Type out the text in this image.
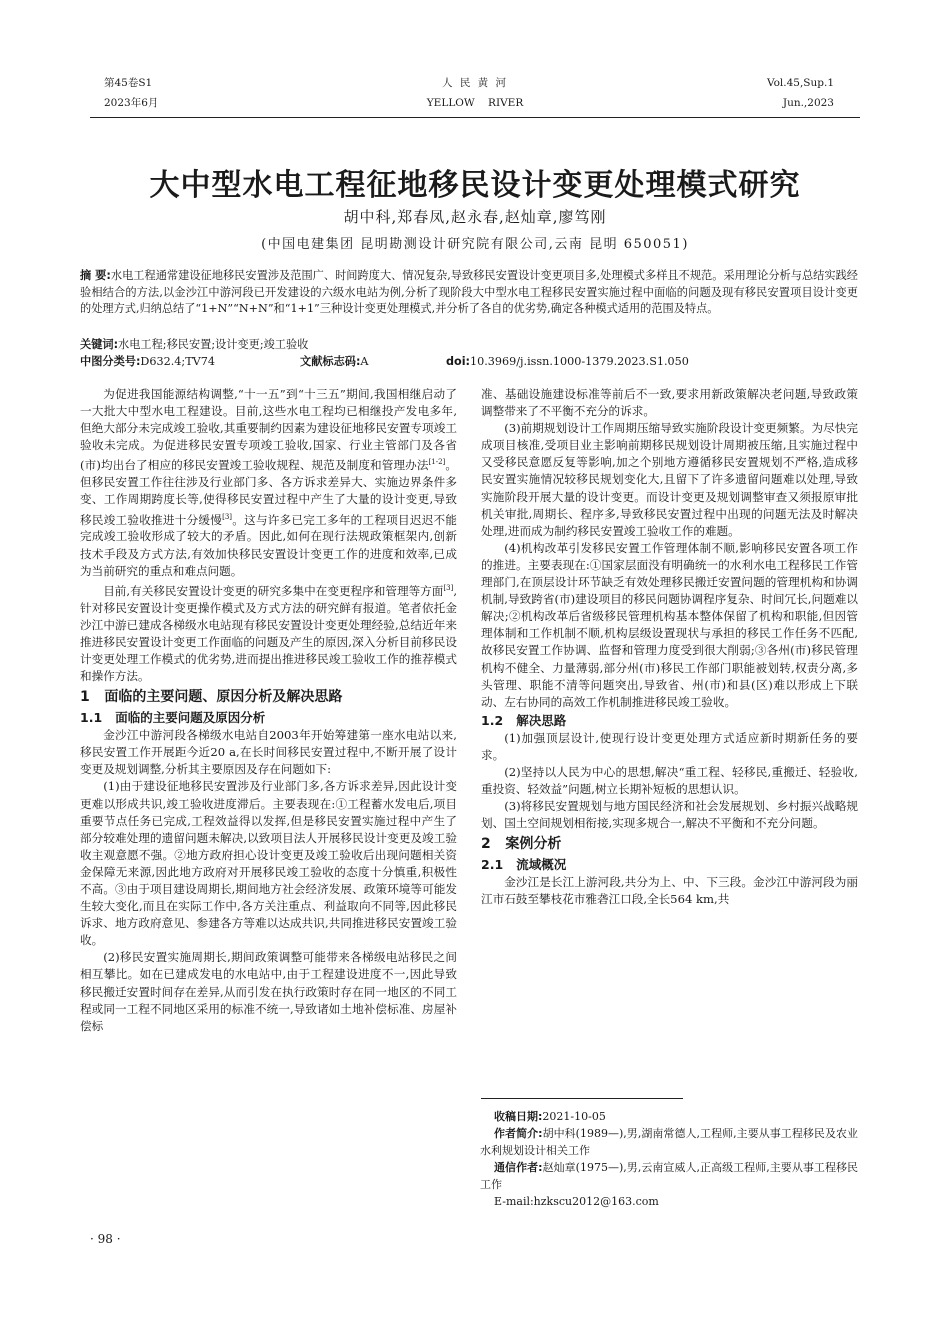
第45卷S1
2023年6月
人 民 黄 河
YELLOW    RIVER
Vol.45,Sup.1
Jun.,2023
大中型水电工程征地移民设计变更处理模式研究
胡中科,郑春凤,赵永春,赵灿章,廖笃刚
(中国电建集团 昆明勘测设计研究院有限公司,云南 昆明 650051)
摘 要:水电工程通常建设征地移民安置涉及范围广、时间跨度大、情况复杂,导致移民安置设计变更项目多,处理模式多样且不规范。采用理论分析与总结实践经验相结合的方法,以金沙江中游河段已开发建设的六级水电站为例,分析了现阶段大中型水电工程移民安置实施过程中面临的问题及现有移民安置项目设计变更的处理方式,归纳总结了“1+N”“N+N”和“1+1”三种设计变更处理模式,并分析了各自的优劣势,确定各种模式适用的范围及特点。
关键词:水电工程;移民安置;设计变更;竣工验收
中图分类号:D632.4;TV74	文献标志码:A	doi:10.3969/j.issn.1000-1379.2023.S1.050

为促进我国能源结构调整,“十一五”到“十三五”期间,我国相继启动了一大批大中型水电工程建设。目前,这些水电工程均已相继投产发电多年,但绝大部分未完成竣工验收,其重要制约因素为建设征地移民安置专项竣工验收未完成。为促进移民安置专项竣工验收,国家、行业主管部门及各省(市)均出台了相应的移民安置竣工验收规程、规范及制度和管理办法[1-2]。但移民安置工作往往涉及行业部门多、各方诉求差异大、实施边界条件多变、工作周期跨度长等,使得移民安置过程中产生了大量的设计变更,导致移民竣工验收推进十分缓慢[3]。这与许多已完工多年的工程项目迟迟不能完成竣工验收形成了较大的矛盾。因此,如何在现行法规政策框架内,创新技术手段及方式方法,有效加快移民安置设计变更工作的进度和效率,已成为当前研究的重点和难点问题。

目前,有关移民安置设计变更的研究多集中在变更程序和管理等方面[3],针对移民安置设计变更操作模式及方式方法的研究鲜有报道。笔者依托金沙江中游已建成各梯级水电站现有移民安置设计变更处理经验,总结近年来推进移民安置设计变更工作面临的问题及产生的原因,深入分析目前移民设计变更处理工作模式的优劣势,进而提出推进移民竣工验收工作的推荐模式和操作方法。

1   面临的主要问题、原因分析及解决思路
1.1   面临的主要问题及原因分析

金沙江中游河段各梯级水电站自2003年开始筹建第一座水电站以来,移民安置工作开展距今近20 a,在长时间移民安置过程中,不断开展了设计变更及规划调整,分析其主要原因及存在问题如下:

(1)由于建设征地移民安置涉及行业部门多,各方诉求差异,因此设计变更难以形成共识,竣工验收进度滞后。主要表现在:①工程蓄水发电后,项目重要节点任务已完成,工程效益得以发挥,但是移民安置实施过程中产生了部分较难处理的遗留问题未解决,以致项目法人开展移民设计变更及竣工验收主观意愿不强。②地方政府担心设计变更及竣工验收后出现问题相关资金保障无来源,因此地方政府对开展移民竣工验收的态度十分慎重,积极性不高。③由于项目建设周期长,期间地方社会经济发展、政策环境等可能发生较大变化,而且在实际工作中,各方关注重点、利益取向不同等,因此移民诉求、地方政府意见、参建各方等难以达成共识,共同推进移民安置竣工验收。

(2)移民安置实施周期长,期间政策调整可能带来各梯级电站移民之间相互攀比。如在已建成发电的水电站中,由于工程建设进度不一,因此导致移民搬迁安置时间存在差异,从而引发在执行政策时存在同一地区的不同工程或同一工程不同地区采用的标准不统一,导致诸如土地补偿标准、房屋补偿标

准、基础设施建设标准等前后不一致,要求用新政策解决老问题,导致政策调整带来了不平衡不充分的诉求。

(3)前期规划设计工作周期压缩导致实施阶段设计变更频繁。为尽快完成项目核准,受项目业主影响前期移民规划设计周期被压缩,且实施过程中又受移民意愿反复等影响,加之个别地方遵循移民安置规划不严格,造成移民安置实施情况较移民规划变化大,且留下了许多遗留问题难以处理,导致实施阶段开展大量的设计变更。而设计变更及规划调整审查又须报原审批机关审批,周期长、程序多,导致移民安置过程中出现的问题无法及时解决处理,进而成为制约移民安置竣工验收工作的难题。

(4)机构改革引发移民安置工作管理体制不顺,影响移民安置各项工作的推进。主要表现在:①国家层面没有明确统一的水利水电工程移民工作管理部门,在顶层设计环节缺乏有效处理移民搬迁安置问题的管理机构和协调机制,导致跨省(市)建设项目的移民问题协调程序复杂、时间冗长,问题难以解决;②机构改革后省级移民管理机构基本整体保留了机构和职能,但因管理体制和工作机制不顺,机构层级设置现状与承担的移民工作任务不匹配,故移民安置工作协调、监督和管理力度受到很大削弱;③各州(市)移民管理机构不健全、力量薄弱,部分州(市)移民工作部门职能被划转,权责分离,多头管理、职能不清等问题突出,导致省、州(市)和县(区)难以形成上下联动、左右协同的高效工作机制推进移民竣工验收。

1.2   解决思路

(1)加强顶层设计,使现行设计变更处理方式适应新时期新任务的要求。

(2)坚持以人民为中心的思想,解决“重工程、轻移民,重搬迁、轻验收,重投资、轻效益”问题,树立长期补短板的思想认识。

(3)将移民安置规划与地方国民经济和社会发展规划、乡村振兴战略规划、国土空间规划相衔接,实现多规合一,解决不平衡和不充分问题。

2   案例分析
2.1   流域概况

金沙江是长江上游河段,共分为上、中、下三段。金沙江中游河段为丽江市石鼓至攀枝花市雅砻江口段,全长564 km,共

收稿日期:2021-10-05

作者简介:胡中科(1989—),男,湖南常德人,工程师,主要从事工程移民及农业水利规划设计相关工作

通信作者:赵灿章(1975—),男,云南宣威人,正高级工程师,主要从事工程移民工作

E-mail:hzkscu2012@163.com

· 98 ·
